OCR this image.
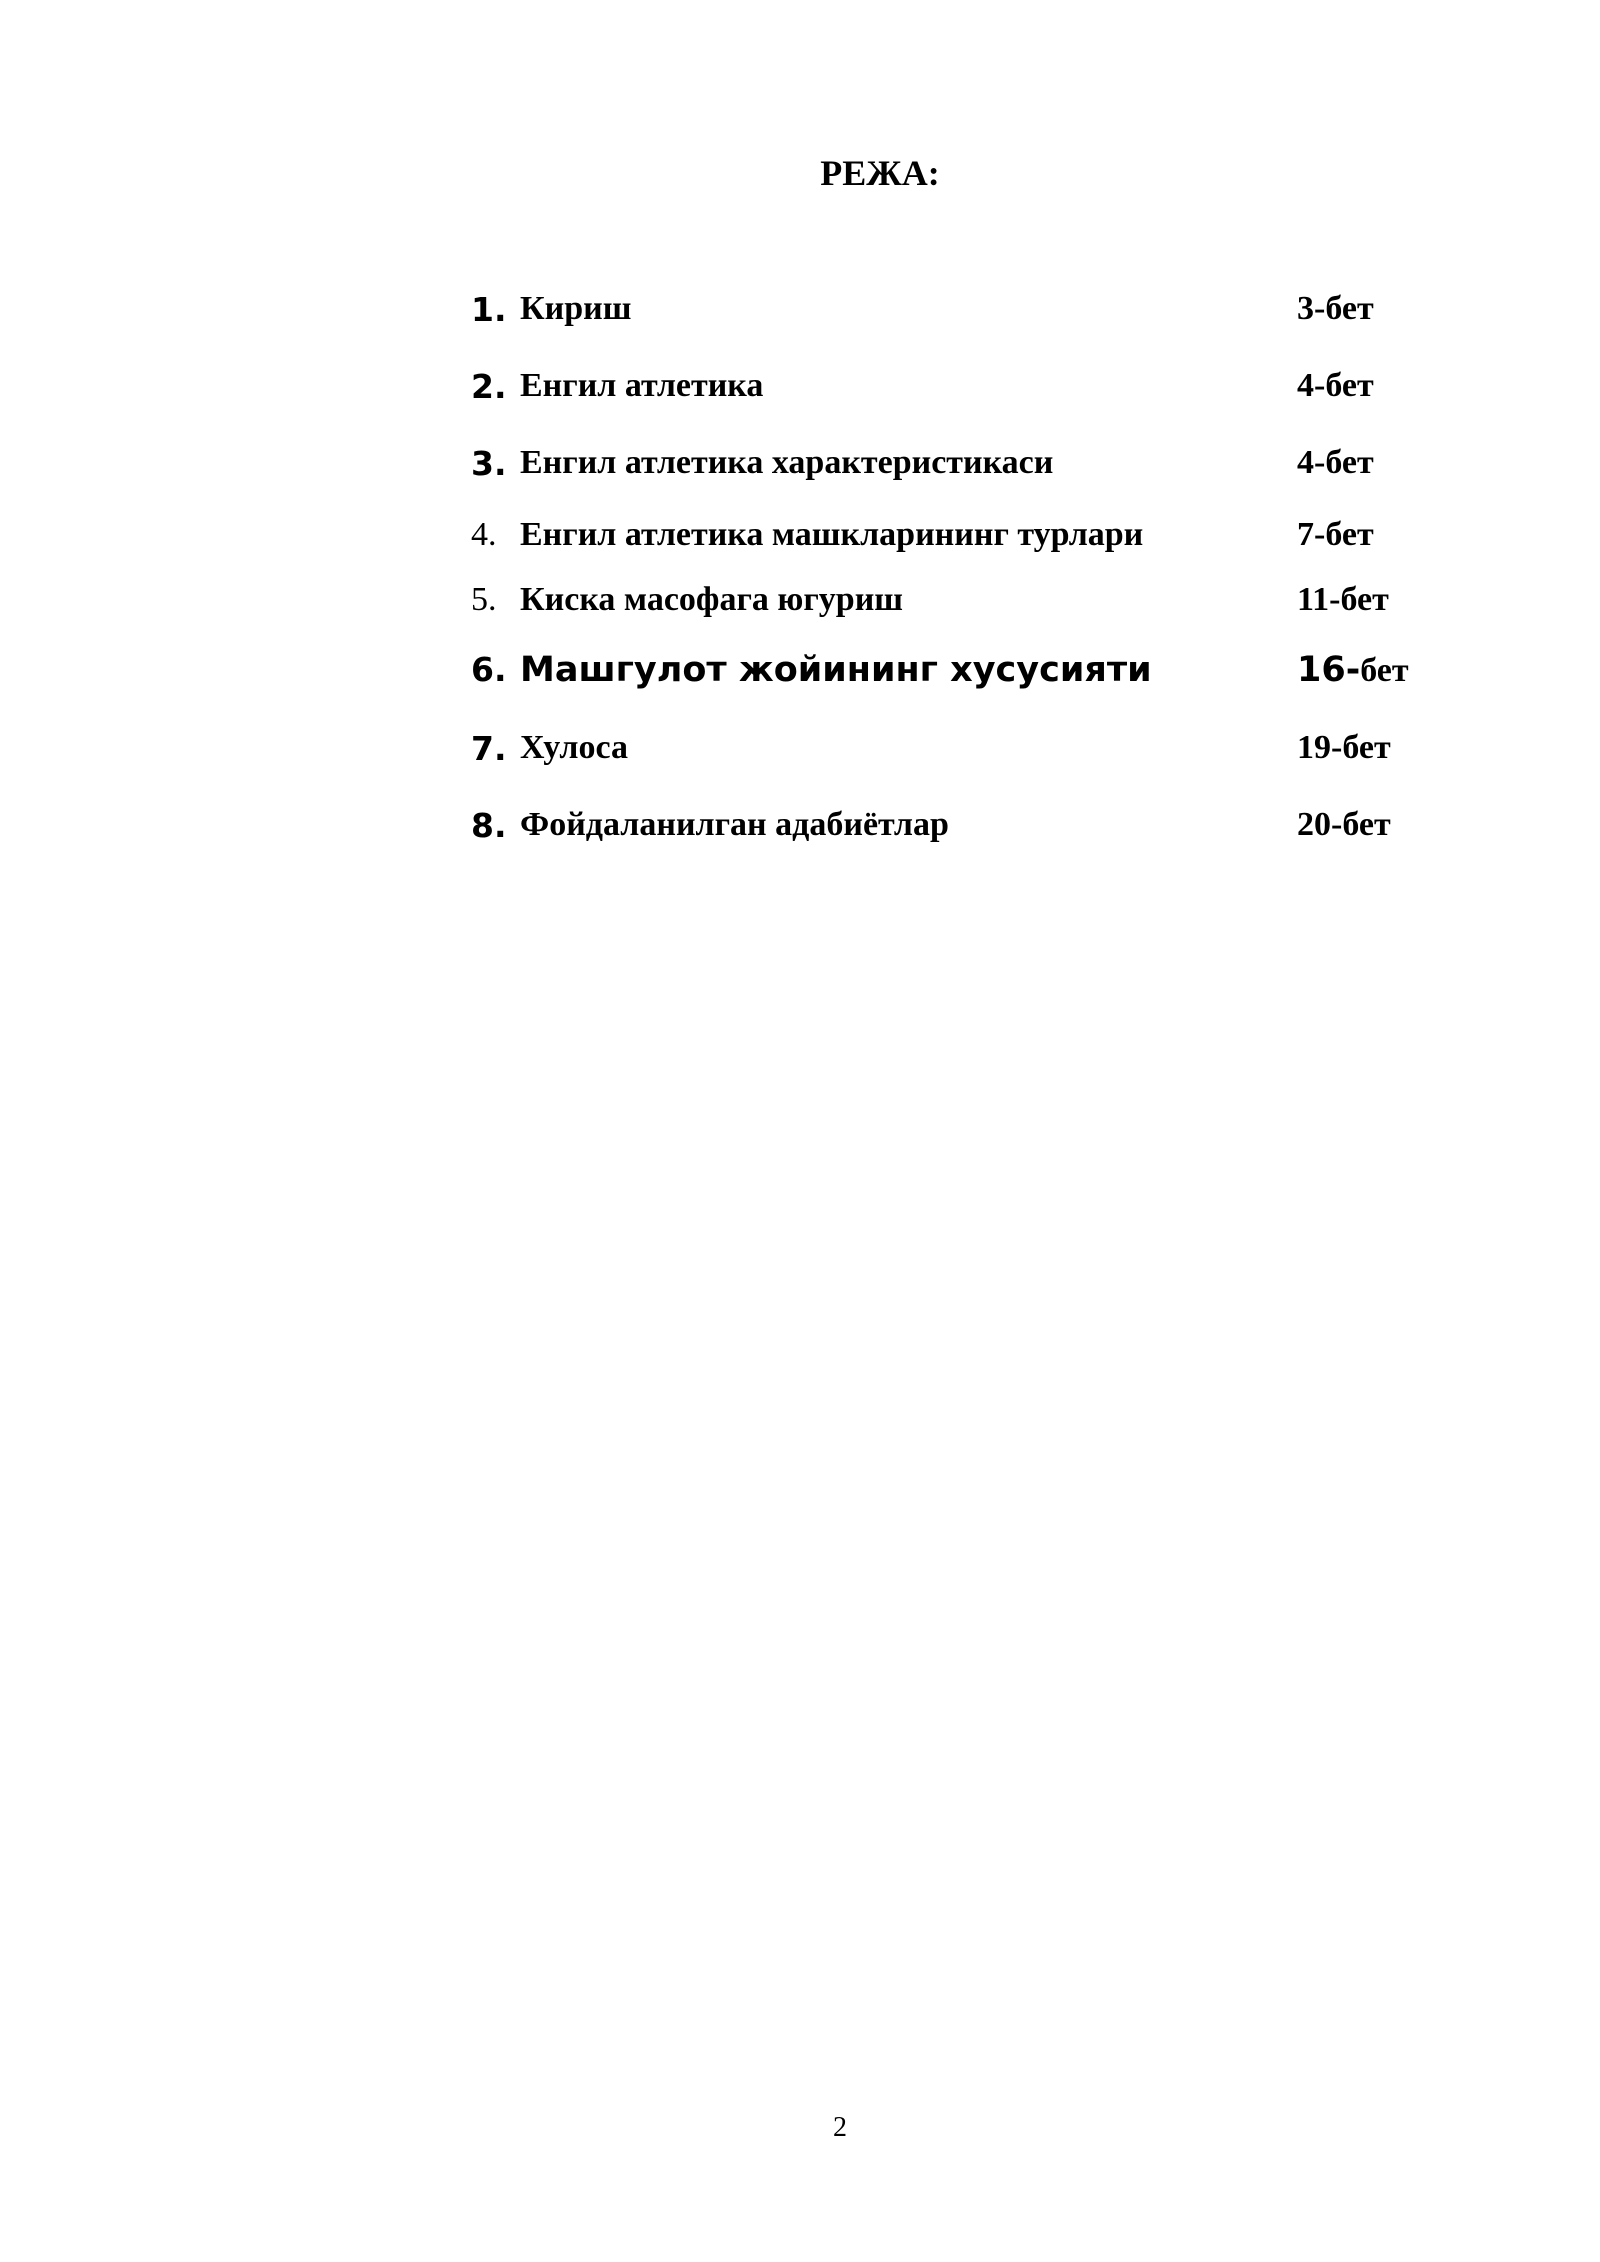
РЕЖА:
1. Кириш	3-бет
2. Енгил атлетика	4-бет
3. Енгил атлетика характеристикаси	4-бет
4. Енгил атлетика машкларининг турлари	7-бет
5. Киска масофага югуриш	11-бет
6. Машгулот жойининг хусусияти	16-бет
7. Хулоса	19-бет
8. Фойдаланилган адабиётлар	20-бет
2
